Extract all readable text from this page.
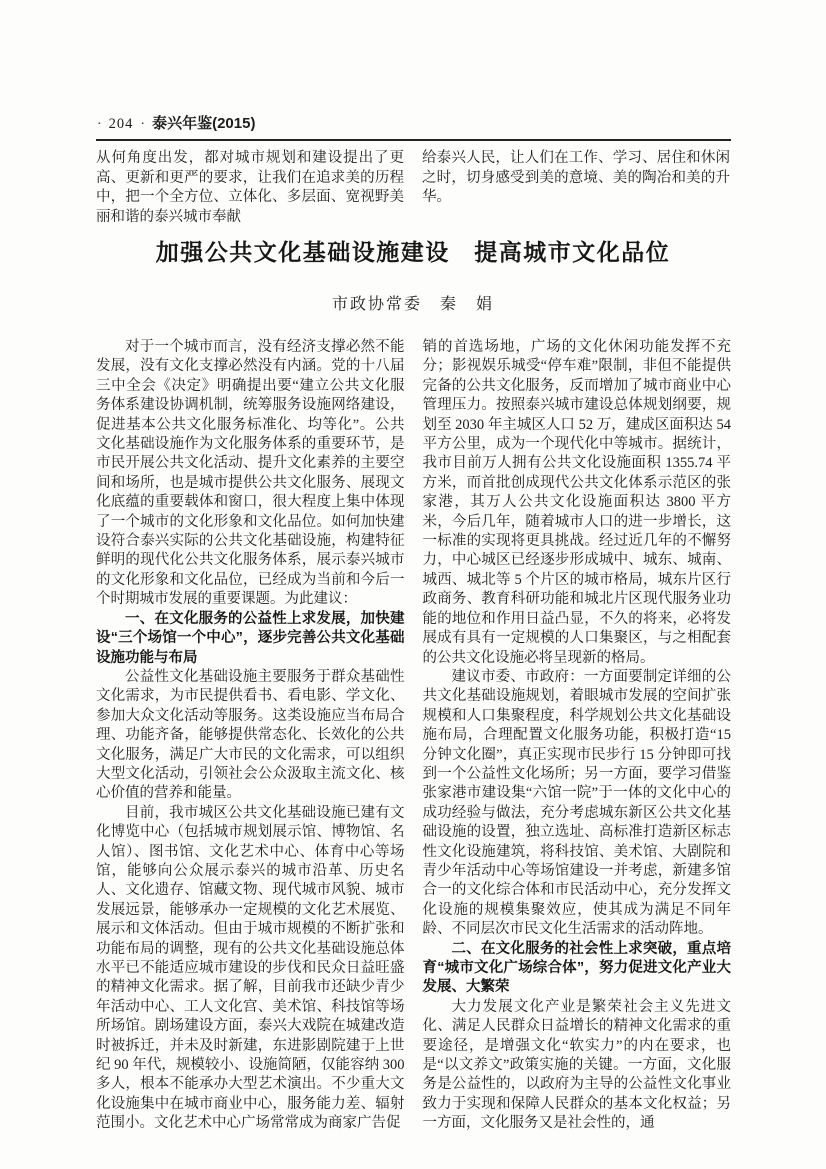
· 204 · 泰兴年鉴(2015)

从何角度出发，都对城市规划和建设提出了更高、更新和更严的要求，让我们在追求美的历程中，把一个全方位、立体化、多层面、宽视野美丽和谐的泰兴城市奉献

给泰兴人民，让人们在工作、学习、居住和休闲之时，切身感受到美的意境、美的陶冶和美的升华。

加强公共文化基础设施建设　提高城市文化品位
市政协常委　秦　娟

对于一个城市而言，没有经济支撑必然不能发展，没有文化支撑必然没有内涵。党的十八届三中全会《决定》明确提出要“建立公共文化服务体系建设协调机制，统筹服务设施网络建设，促进基本公共文化服务标准化、均等化”。公共文化基础设施作为文化服务体系的重要环节，是市民开展公共文化活动、提升文化素养的主要空间和场所，也是城市提供公共文化服务、展现文化底蕴的重要载体和窗口，很大程度上集中体现了一个城市的文化形象和文化品位。如何加快建设符合泰兴实际的公共文化基础设施，构建特征鲜明的现代化公共文化服务体系，展示泰兴城市的文化形象和文化品位，已经成为当前和今后一个时期城市发展的重要课题。为此建议：

一、在文化服务的公益性上求发展，加快建设“三个场馆一个中心”，逐步完善公共文化基础设施功能与布局

公益性文化基础设施主要服务于群众基础性文化需求，为市民提供看书、看电影、学文化、参加大众文化活动等服务。这类设施应当布局合理、功能齐备，能够提供常态化、长效化的公共文化服务，满足广大市民的文化需求，可以组织大型文化活动，引领社会公众汲取主流文化、核心价值的营养和能量。

目前，我市城区公共文化基础设施已建有文化博览中心（包括城市规划展示馆、博物馆、名人馆）、图书馆、文化艺术中心、体育中心等场馆，能够向公众展示泰兴的城市沿革、历史名人、文化遗存、馆藏文物、现代城市风貌、城市发展远景，能够承办一定规模的文化艺术展览、展示和文体活动。但由于城市规模的不断扩张和功能布局的调整，现有的公共文化基础设施总体水平已不能适应城市建设的步伐和民众日益旺盛的精神文化需求。据了解，目前我市还缺少青少年活动中心、工人文化宫、美术馆、科技馆等场所场馆。剧场建设方面，泰兴大戏院在城建改造时被拆迁，并未及时新建，东进影剧院建于上世纪 90 年代，规模较小、设施简陋，仅能容纳 300 多人，根本不能承办大型艺术演出。不少重大文化设施集中在城市商业中心，服务能力差、辐射范围小。文化艺术中心广场常常成为商家广告促

销的首选场地，广场的文化休闲功能发挥不充分；影视娱乐城受“停车难”限制，非但不能提供完备的公共文化服务，反而增加了城市商业中心管理压力。按照泰兴城市建设总体规划纲要，规划至 2030 年主城区人口 52 万，建成区面积达 54 平方公里，成为一个现代化中等城市。据统计，我市目前万人拥有公共文化设施面积 1355.74 平方米，而首批创成现代公共文化体系示范区的张家港，其万人公共文化设施面积达 3800 平方米，今后几年，随着城市人口的进一步增长，这一标准的实现将更具挑战。经过近几年的不懈努力，中心城区已经逐步形成城中、城东、城南、城西、城北等 5 个片区的城市格局，城东片区行政商务、教育科研功能和城北片区现代服务业功能的地位和作用日益凸显，不久的将来，必将发展成有具有一定规模的人口集聚区，与之相配套的公共文化设施必将呈现新的格局。

建议市委、市政府：一方面要制定详细的公共文化基础设施规划，着眼城市发展的空间扩张规模和人口集聚程度，科学规划公共文化基础设施布局，合理配置文化服务功能，积极打造“15 分钟文化圈”，真正实现市民步行 15 分钟即可找到一个公益性文化场所；另一方面，要学习借鉴张家港市建设集“六馆一院”于一体的文化中心的成功经验与做法，充分考虑城东新区公共文化基础设施的设置，独立选址、高标准打造新区标志性文化设施建筑，将科技馆、美术馆、大剧院和青少年活动中心等场馆建设一并考虑，新建多馆合一的文化综合体和市民活动中心，充分发挥文化设施的规模集聚效应，使其成为满足不同年龄、不同层次市民文化生活需求的活动阵地。

二、在文化服务的社会性上求突破，重点培育“城市文化广场综合体”，努力促进文化产业大发展、大繁荣

大力发展文化产业是繁荣社会主义先进文化、满足人民群众日益增长的精神文化需求的重要途径，是增强文化“软实力”的内在要求，也是“以文养文”政策实施的关键。一方面，文化服务是公益性的，以政府为主导的公益性文化事业致力于实现和保障人民群众的基本文化权益；另一方面，文化服务又是社会性的，通
